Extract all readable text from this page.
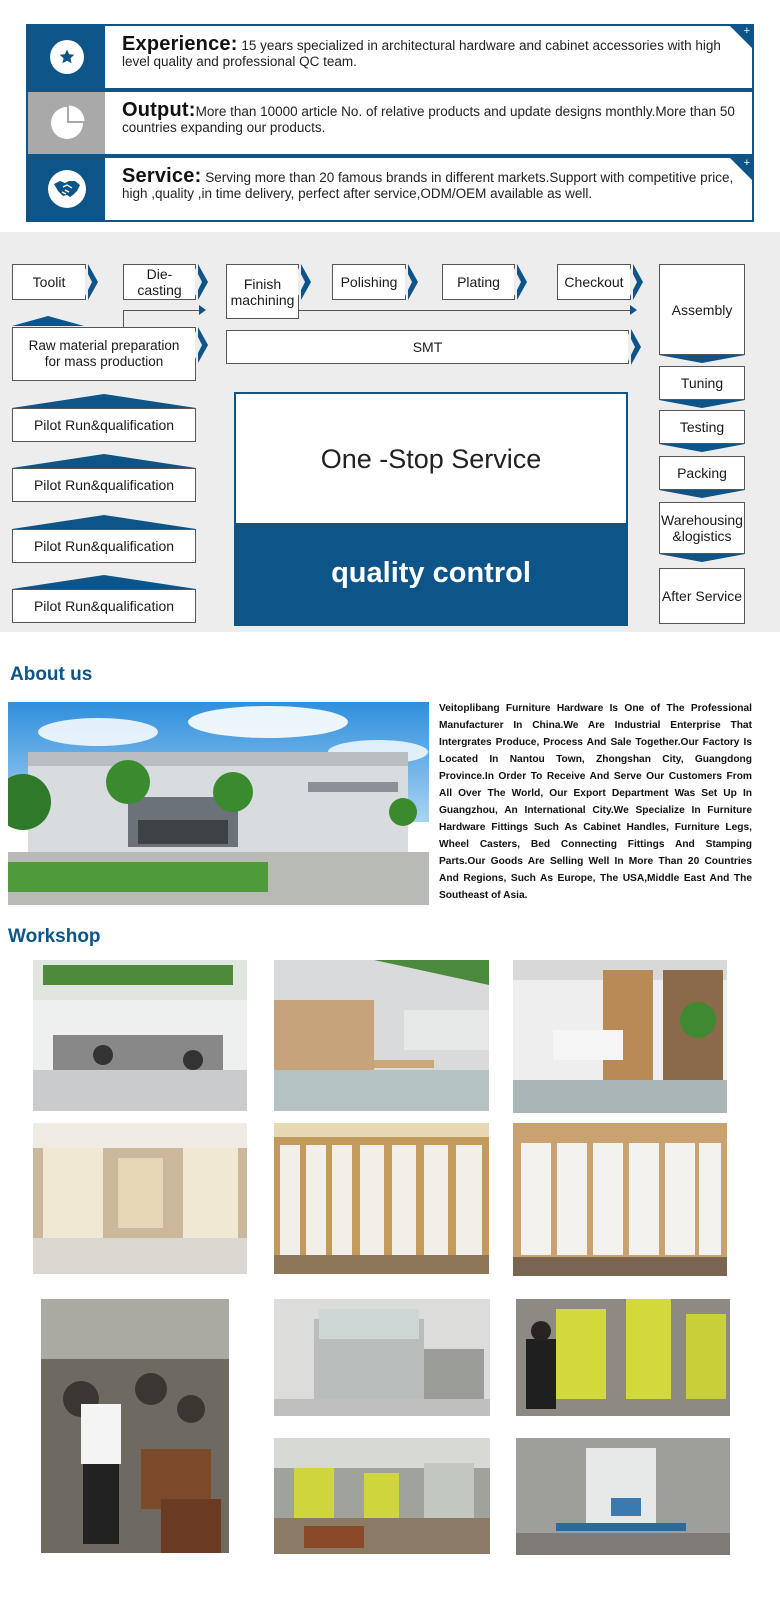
Experience: 15 years specialized in architectural hardware and cabinet accessories with high level quality and professional QC team.
+
Output:More than 10000 article No. of relative products and update designs monthly.More than 50 countries expanding our products.
Service: Serving more than 20 famous brands in different markets.Support with competitive price, high ,quality ,in time delivery, perfect after service,ODM/OEM available as well.
+
Toolit	Die-
casting	Finish
machining
Polishing	Plating	Checkout
Raw material preparation for mass production
SMT
Pilot Run&qualification
Pilot Run&qualification
Pilot Run&qualification
Pilot Run&qualification
Assembly
Tuning
Testing
Packing
Warehousing
&logistics
After Service
One -Stop Service
quality control
About us
Veitoplibang Furniture Hardware Is One of The Professional Manufacturer In China.We Are Industrial Enterprise That Intergrates Produce, Process And Sale Together.Our Factory Is Located In Nantou Town, Zhongshan City, Guangdong Province.In Order To Receive And Serve Our Customers From All Over The World, Our Export Department Was Set Up In Guangzhou, An International City.We Specialize In Furniture Hardware Fittings Such As Cabinet Handles, Furniture Legs, Wheel Casters, Bed Connecting Fittings And Stamping Parts.Our Goods Are Selling Well In More Than 20 Countries And Regions, Such As Europe, The USA,Middle East And The Southeast of Asia.
Workshop
